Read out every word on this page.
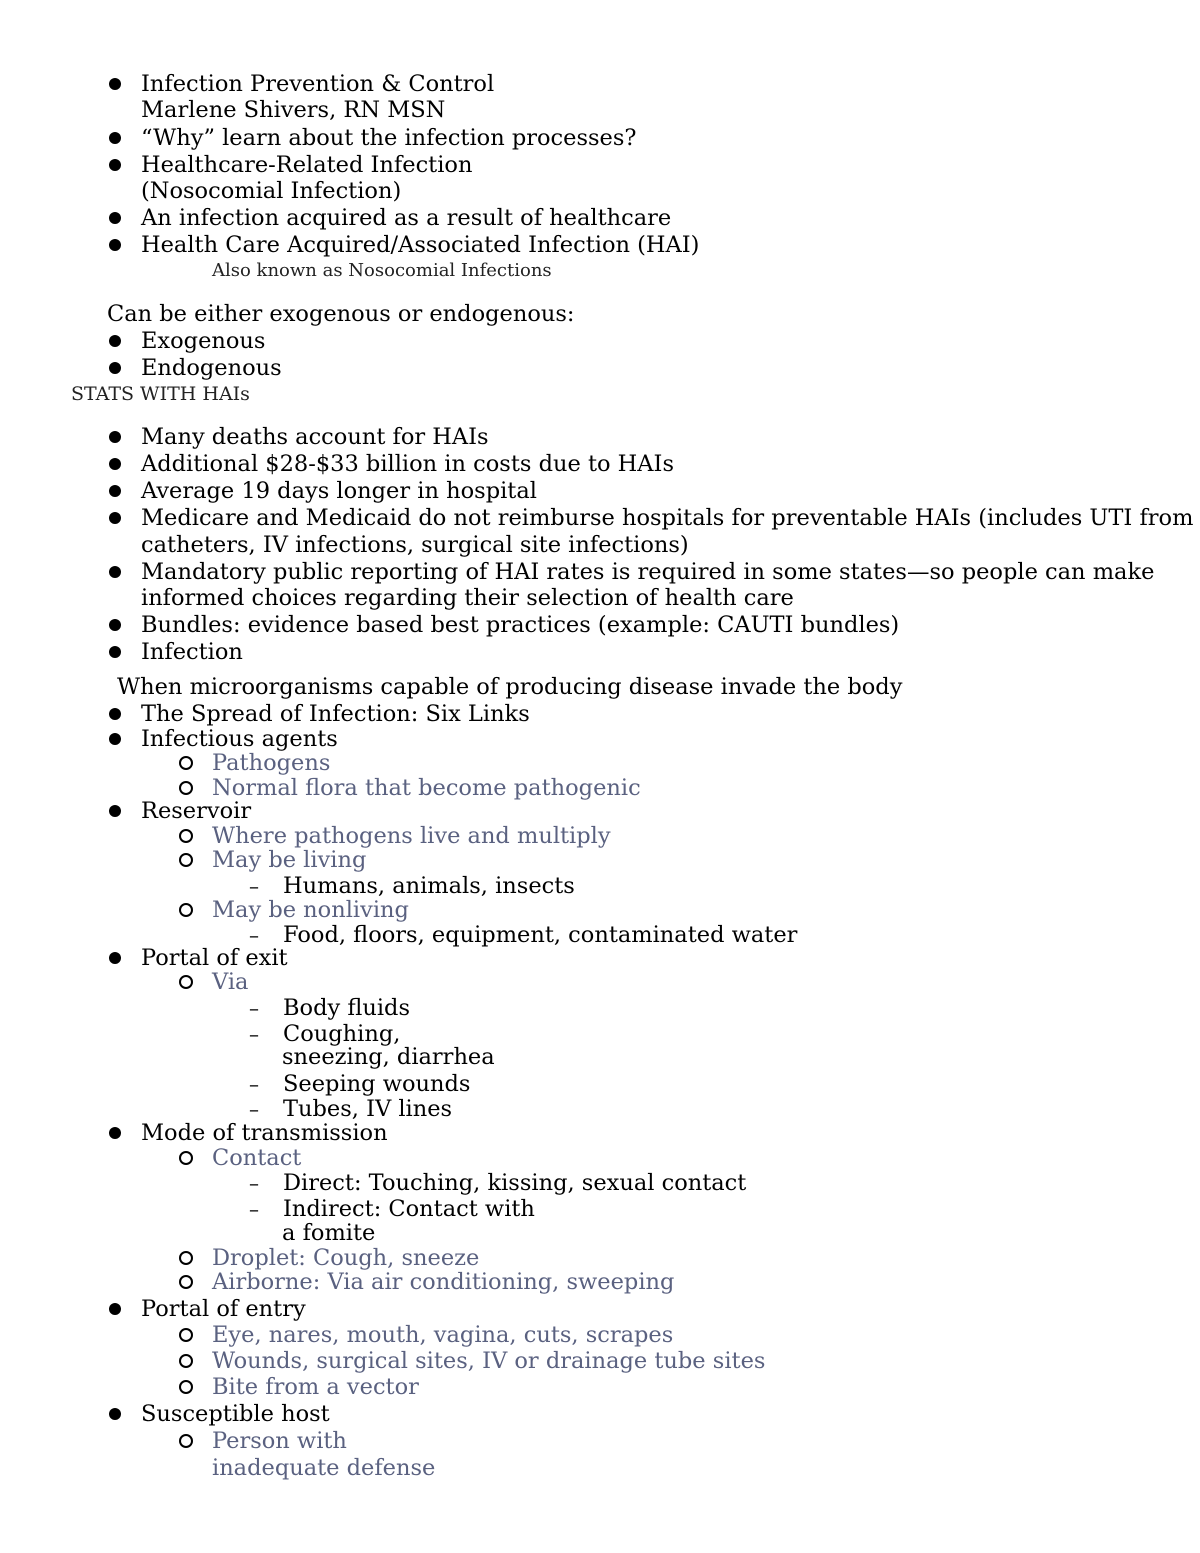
Infection Prevention & Control
Marlene Shivers, RN MSN
“Why” learn about the infection processes?
Healthcare-Related Infection
(Nosocomial Infection)
An infection acquired as a result of healthcare
Health Care Acquired/Associated Infection (HAI)
Also known as Nosocomial Infections
Can be either exogenous or endogenous:
Exogenous
Endogenous
STATS WITH HAIs
Many deaths account for HAIs
Additional $28-$33 billion in costs due to HAIs
Average 19 days longer in hospital
Medicare and Medicaid do not reimburse hospitals for preventable HAIs (includes UTI from
catheters, IV infections, surgical site infections)
Mandatory public reporting of HAI rates is required in some states—so people can make
informed choices regarding their selection of health care
Bundles: evidence based best practices (example: CAUTI bundles)
Infection
When microorganisms capable of producing disease invade the body
The Spread of Infection: Six Links
Infectious agents
Pathogens
Normal flora that become pathogenic
Reservoir
Where pathogens live and multiply
May be living
– Humans, animals, insects
May be nonliving
– Food, floors, equipment, contaminated water
Portal of exit
Via
– Body fluids
– Coughing,
sneezing, diarrhea
– Seeping wounds
– Tubes, IV lines
Mode of transmission
Contact
– Direct: Touching, kissing, sexual contact
– Indirect: Contact with
a fomite
Droplet: Cough, sneeze
Airborne: Via air conditioning, sweeping
Portal of entry
Eye, nares, mouth, vagina, cuts, scrapes
Wounds, surgical sites, IV or drainage tube sites
Bite from a vector
Susceptible host
Person with
inadequate defense
